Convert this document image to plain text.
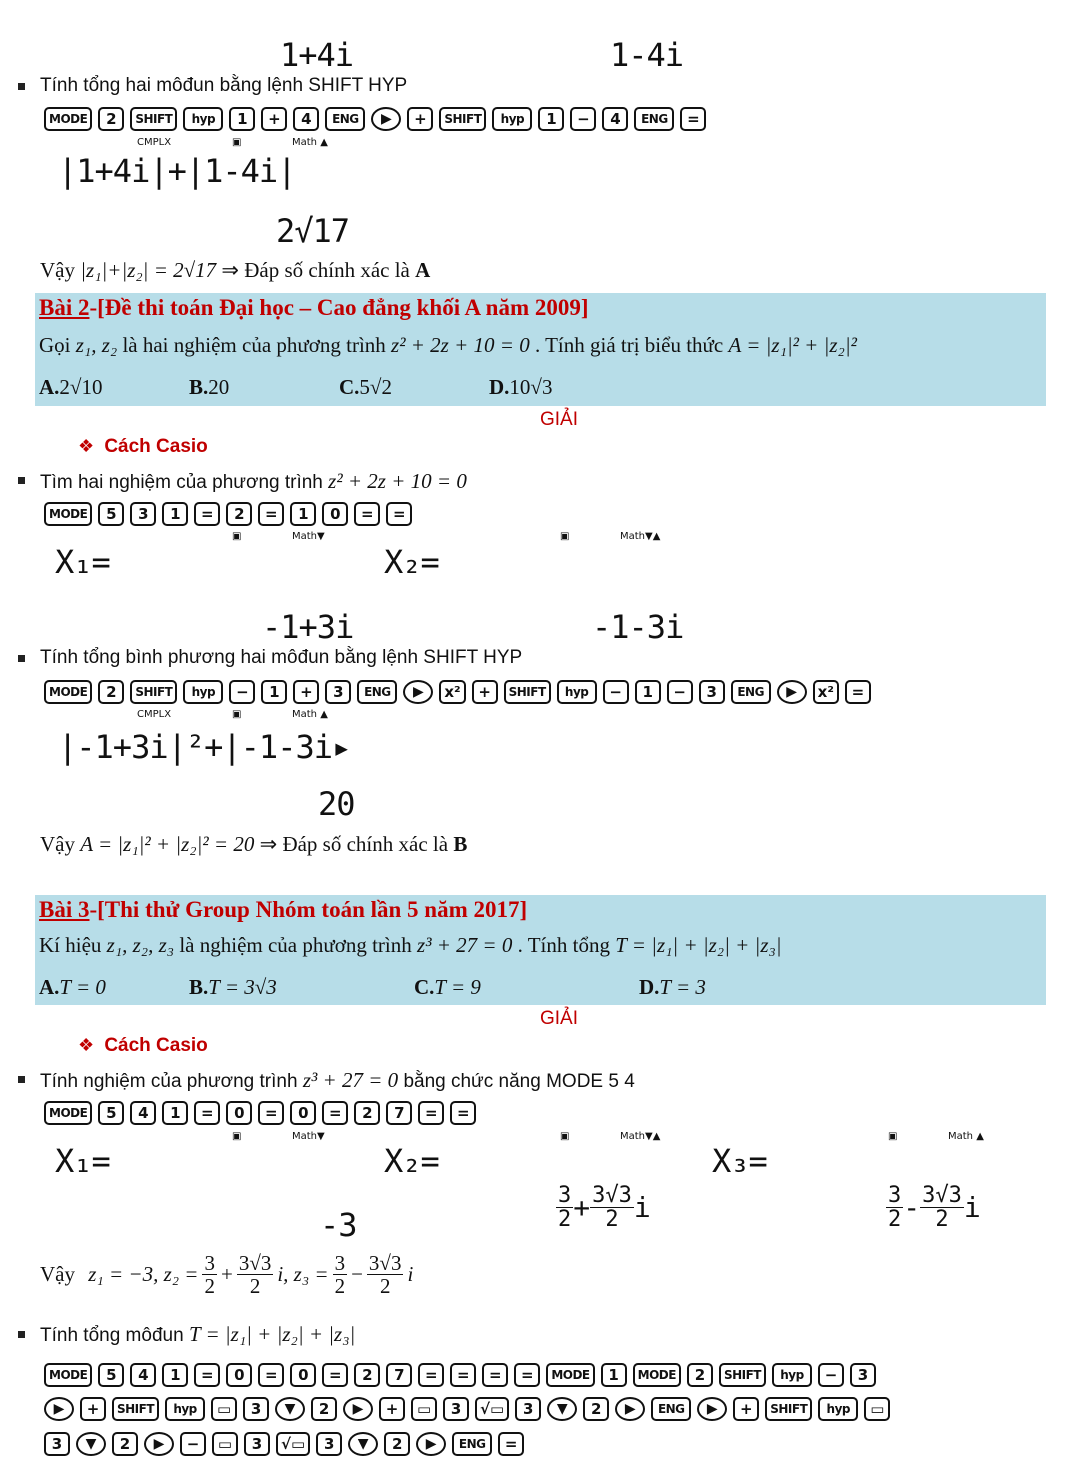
1+4i	1-4i
Tính tổng hai môđun bằng lệnh SHIFT HYP
MODE	2	SHIFT	hyp	1	+	4	ENG	▶	+	SHIFT	hyp	1	−	4	ENG	=
CMPLX	▣	Math ▲
|1+4i|+|1-4i|
2√17
Vậy |z₁|+|z₂| = 2√17 ⇒ Đáp số chính xác là A
Bài 2-[Đề thi toán Đại học – Cao đẳng khối A năm 2009]
Gọi z₁, z₂ là hai nghiệm của phương trình z² + 2z + 10 = 0 . Tính giá trị biểu thức A = |z₁|² + |z₂|²
A.2√10	B.20	C.5√2	D.10√3
GIẢI
❖ Cách Casio
Tìm hai nghiệm của phương trình z² + 2z + 10 = 0
MODE	5	3	1	=	2	=	1	0	=	=
▣	Math▼	▣	Math▼▲
X₁=	X₂=
-1+3i	-1-3i
Tính tổng bình phương hai môđun bằng lệnh SHIFT HYP
MODE	2	SHIFT	hyp	−	1	+	3	ENG	▶	x²	+	SHIFT	hyp	−	1	−	3	ENG	▶	x²	=
CMPLX	▣	Math ▲
|-1+3i|²+|-1-3i▸
20
Vậy A = |z₁|² + |z₂|² = 20 ⇒ Đáp số chính xác là B
Bài 3-[Thi thử Group Nhóm toán lần 5 năm 2017]
Kí hiệu z₁, z₂, z₃ là nghiệm của phương trình z³ + 27 = 0 . Tính tổng T = |z₁| + |z₂| + |z₃|
A.T = 0	B.T = 3√3	C.T = 9	D.T = 3
GIẢI
❖ Cách Casio
Tính nghiệm của phương trình z³ + 27 = 0 bằng chức năng MODE 5 4
MODE	5	4	1	=	0	=	0	=	2	7	=	=
▣	Math▼	▣	Math▼▲	▣	Math ▲
X₁=	X₂=	X₃=
-3	$\frac{3}{2} + \frac{3√3}{2}$ i	$\frac{3}{2} - \frac{3√3}{2}$ i
Vậy
z₁ = −3, $z_2 = \frac{3}{2} + \frac{3√3}{2} i$, $z_3 = \frac{3}{2} - \frac{3√3}{2}$ i
Tính tổng môđun T = |z₁| + |z₂| + |z₃|
MODE	5	4	1	=	0	=	0	=	2	7	=	=	=	=	MODE	1	MODE	2	SHIFT	hyp	−	3
▶	+	SHIFT	hyp	▭	3	▼	2	▶	+	▭	3	√▭	3	▼	2	▶	ENG	▶	+	SHIFT	hyp	▭
3	▼	2	▶	−	▭	3	√▭	3	▼	2	▶	ENG	=
